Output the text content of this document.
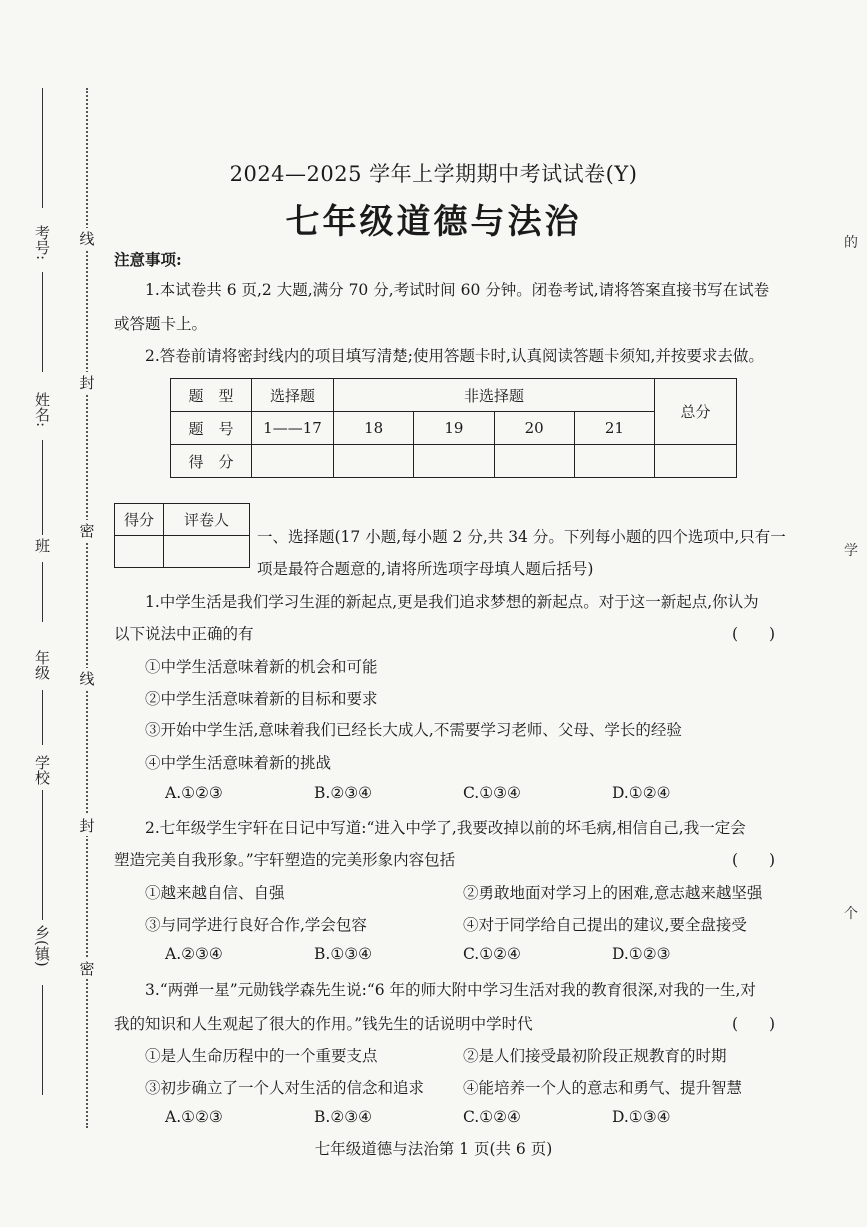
考号:
姓名:
班
年级
学校
乡(镇)
线
封
密
线
封
密
的
学
个
2024—2025 学年上学期期中考试试卷(Y)
七年级道德与法治
注意事项:
1.本试卷共 6 页,2 大题,满分 70 分,考试时间 60 分钟。闭卷考试,请将答案直接书写在试卷
或答题卡上。
2.答卷前请将密封线内的项目填写清楚;使用答题卡时,认真阅读答题卡须知,并按要求去做。
题　型	选择题	非选择题				总分
题　号	1——17	18	19	20	21	
得　分						
得分	评卷人

一、选择题(17 小题,每小题 2 分,共 34 分。下列每小题的四个选项中,只有一
项是最符合题意的,请将所选项字母填人题后括号)
1.中学生活是我们学习生涯的新起点,更是我们追求梦想的新起点。对于这一新起点,你认为
以下说法中正确的有	(　　)
①中学生活意味着新的机会和可能
②中学生活意味着新的目标和要求
③开始中学生活,意味着我们已经长大成人,不需要学习老师、父母、学长的经验
④中学生活意味着新的挑战
A.①②③	B.②③④	C.①③④	D.①②④
2.七年级学生宇轩在日记中写道:“进入中学了,我要改掉以前的坏毛病,相信自己,我一定会
塑造完美自我形象。”宇轩塑造的完美形象内容包括	(　　)
①越来越自信、自强	②勇敢地面对学习上的困难,意志越来越坚强
③与同学进行良好合作,学会包容	④对于同学给自己提出的建议,要全盘接受
A.②③④	B.①③④	C.①②④	D.①②③
3.“两弹一星”元勋钱学森先生说:“6 年的师大附中学习生活对我的教育很深,对我的一生,对
我的知识和人生观起了很大的作用。”钱先生的话说明中学时代	(　　)
①是人生命历程中的一个重要支点	②是人们接受最初阶段正规教育的时期
③初步确立了一个人对生活的信念和追求	④能培养一个人的意志和勇气、提升智慧
A.①②③	B.②③④	C.①②④	D.①③④
七年级道德与法治第 1 页(共 6 页)
